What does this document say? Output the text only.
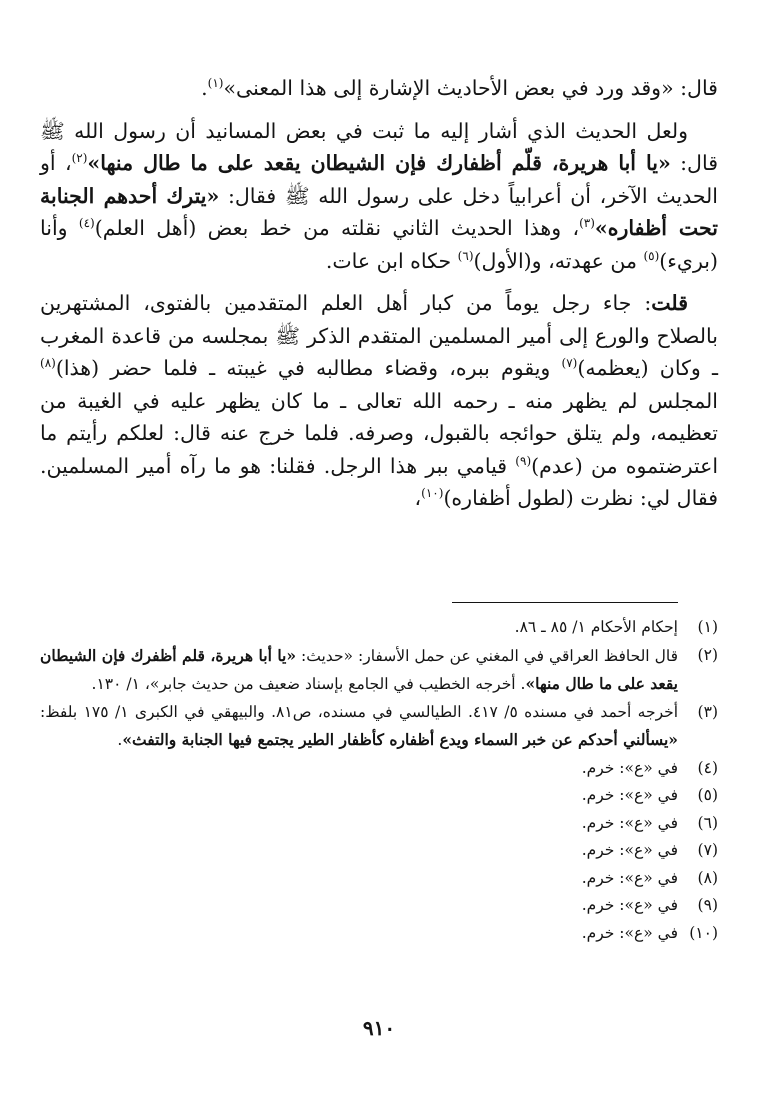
قال: «وقد ورد في بعض الأحاديث الإشارة إلى هذا المعنى»$^{(١)}$.

ولعل الحديث الذي أشار إليه ما ثبت في بعض المسانيد أن رسول الله ﷺ قال: «يا أبا هريرة، قلّم أظفارك فإن الشيطان يقعد على ما طال منها»$^{(٢)}$، أو الحديث الآخر، أن أعرابياً دخل على رسول الله ﷺ فقال: «يترك أحدهم الجنابة تحت أظفاره»$^{(٣)}$، وهذا الحديث الثاني نقلته من خط بعض (أهل العلم)$^{(٤)}$ وأنا (بريء)$^{(٥)}$ من عهدته، و(الأول)$^{(٦)}$ حكاه ابن عات.

قلت: جاء رجل يوماً من كبار أهل العلم المتقدمين بالفتوى، المشتهرين بالصلاح والورع إلى أمير المسلمين المتقدم الذكر ﷺ بمجلسه من قاعدة المغرب ـ وكان (يعظمه)$^{(٧)}$ ويقوم ببره، وقضاء مطالبه في غيبته ـ فلما حضر (هذا)$^{(٨)}$ المجلس لم يظهر منه ـ رحمه الله تعالى ـ ما كان يظهر عليه في الغيبة من تعظيمه، ولم يتلق حوائجه بالقبول، وصرفه. فلما خرج عنه قال: لعلكم رأيتم ما اعترضتموه من (عدم)$^{(٩)}$ قيامي ببر هذا الرجل. فقلنا: هو ما رآه أمير المسلمين. فقال لي: نظرت (لطول أظفاره)$^{(١٠)}$،

(١)
إحكام الأحكام ١/ ٨٥ ـ ٨٦.
(٢)
قال الحافظ العراقي في المغني عن حمل الأسفار: «حديث: «يا أبا هريرة، قلم أظفرك فإن الشيطان يقعد على ما طال منها». أخرجه الخطيب في الجامع بإسناد ضعيف من حديث جابر»، ١/ ١٣٠.
(٣)
أخرجه أحمد في مسنده ٥/ ٤١٧. الطيالسي في مسنده، ص٨١. والبيهقي في الكبرى ١/ ١٧٥ بلفظ: «يسألني أحدكم عن خبر السماء ويدع أظفاره كأظفار الطير يجتمع فيها الجنابة والتفث».
(٤)
في «ع»: خرم.
(٥)
في «ع»: خرم.
(٦)
في «ع»: خرم.
(٧)
في «ع»: خرم.
(٨)
في «ع»: خرم.
(٩)
في «ع»: خرم.
(١٠)
في «ع»: خرم.
٩١٠
